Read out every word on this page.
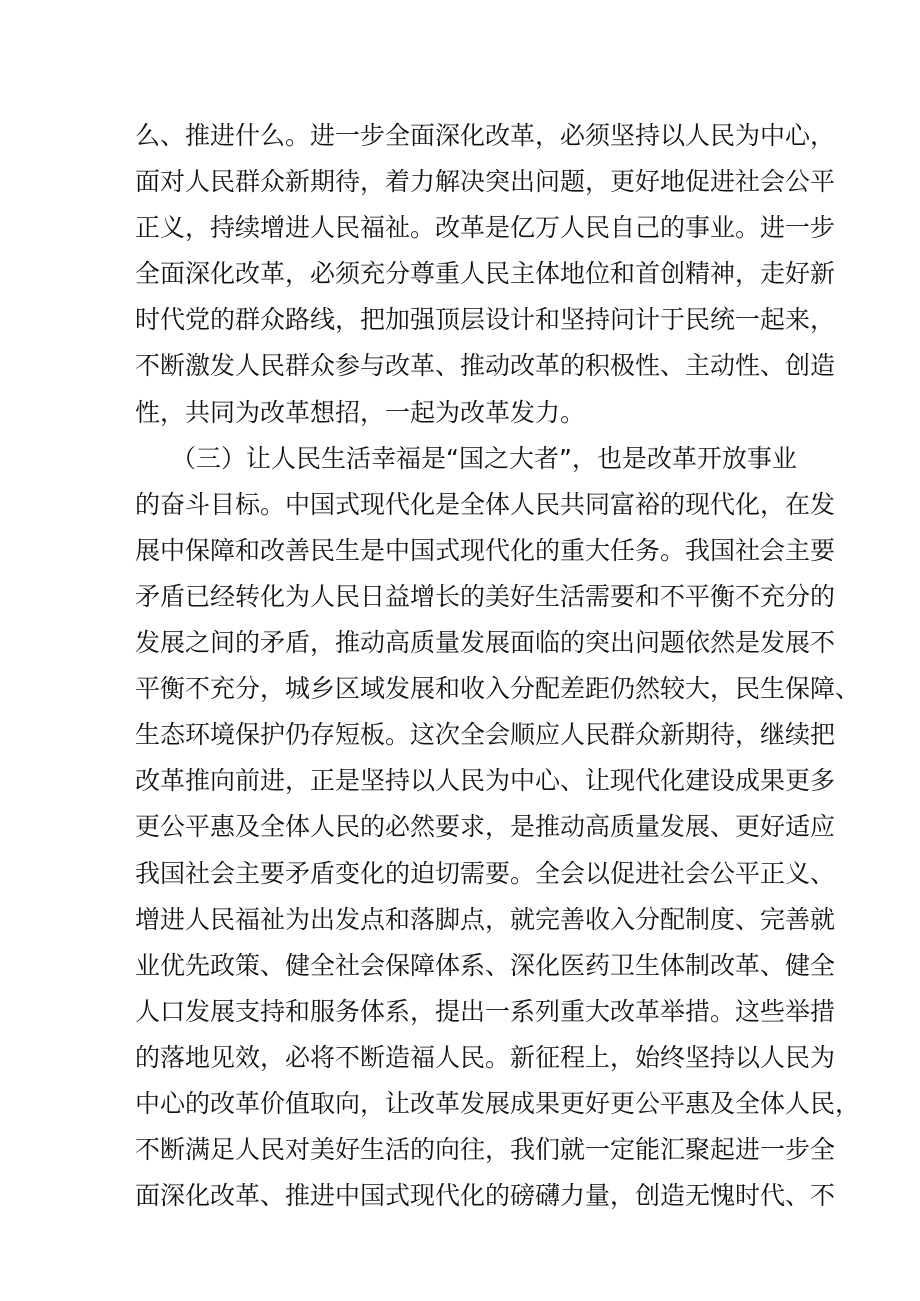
么、推进什么。进一步全面深化改革，必须坚持以人民为中心，
面对人民群众新期待，着力解决突出问题，更好地促进社会公平
正义，持续增进人民福祉。改革是亿万人民自己的事业。进一步
全面深化改革，必须充分尊重人民主体地位和首创精神，走好新
时代党的群众路线，把加强顶层设计和坚持问计于民统一起来，
不断激发人民群众参与改革、推动改革的积极性、主动性、创造
性，共同为改革想招，一起为改革发力。
（三）让人民生活幸福是“国之大者”，也是改革开放事业
的奋斗目标。中国式现代化是全体人民共同富裕的现代化，在发
展中保障和改善民生是中国式现代化的重大任务。我国社会主要
矛盾已经转化为人民日益增长的美好生活需要和不平衡不充分的
发展之间的矛盾，推动高质量发展面临的突出问题依然是发展不
平衡不充分，城乡区域发展和收入分配差距仍然较大，民生保障、
生态环境保护仍存短板。这次全会顺应人民群众新期待，继续把
改革推向前进，正是坚持以人民为中心、让现代化建设成果更多
更公平惠及全体人民的必然要求，是推动高质量发展、更好适应
我国社会主要矛盾变化的迫切需要。全会以促进社会公平正义、
增进人民福祉为出发点和落脚点，就完善收入分配制度、完善就
业优先政策、健全社会保障体系、深化医药卫生体制改革、健全
人口发展支持和服务体系，提出一系列重大改革举措。这些举措
的落地见效，必将不断造福人民。新征程上，始终坚持以人民为
中心的改革价值取向，让改革发展成果更好更公平惠及全体人民，
不断满足人民对美好生活的向往，我们就一定能汇聚起进一步全
面深化改革、推进中国式现代化的磅礴力量，创造无愧时代、不
